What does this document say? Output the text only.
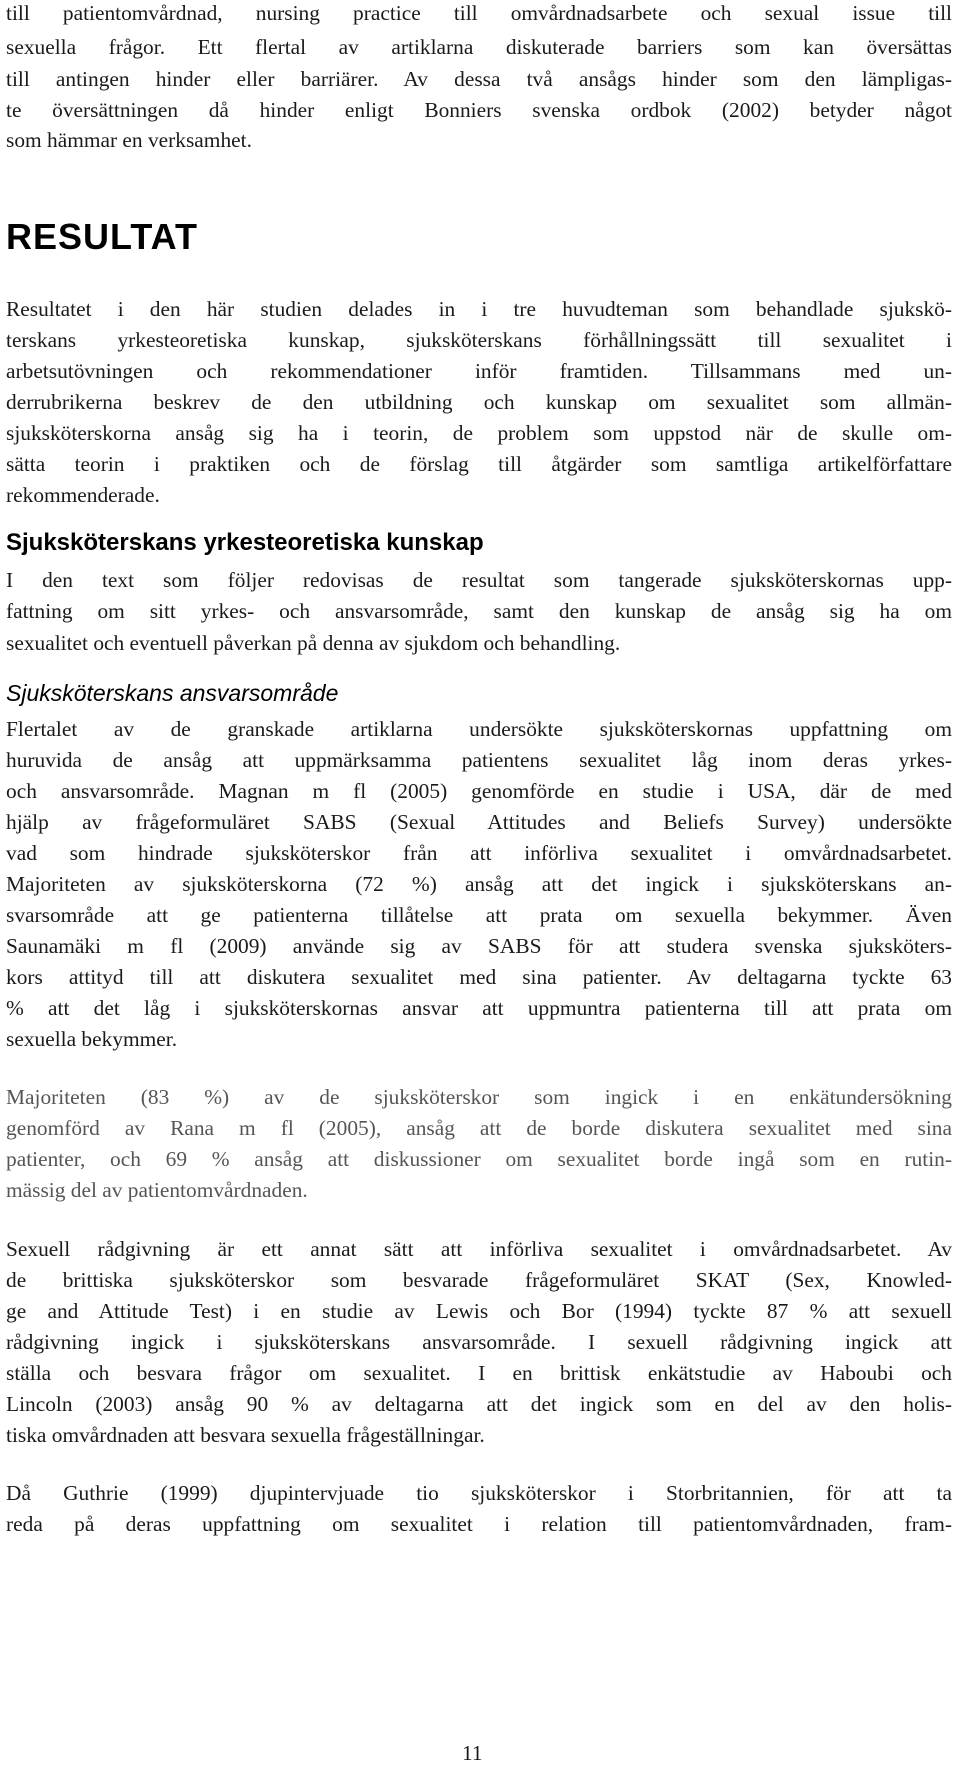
till patientomvårdnad, nursing practice till omvårdnadsarbete och sexual issue till
sexuella frågor. Ett flertal av artiklarna diskuterade barriers som kan översättas
till antingen hinder eller barriärer. Av dessa två ansågs hinder som den lämpligas-
te översättningen då hinder enligt Bonniers svenska ordbok (2002) betyder något
som hämmar en verksamhet.
RESULTAT
Resultatet i den här studien delades in i tre huvudteman som behandlade sjukskö-
terskans yrkesteoretiska kunskap, sjuksköterskans förhållningssätt till sexualitet i
arbetsutövningen och rekommendationer inför framtiden. Tillsammans med un-
derrubrikerna beskrev de den utbildning och kunskap om sexualitet som allmän-
sjuksköterskorna ansåg sig ha i teorin, de problem som uppstod när de skulle om-
sätta teorin i praktiken och de förslag till åtgärder som samtliga artikelförfattare
rekommenderade.
Sjuksköterskans yrkesteoretiska kunskap
I den text som följer redovisas de resultat som tangerade sjuksköterskornas upp-
fattning om sitt yrkes- och ansvarsområde, samt den kunskap de ansåg sig ha om
sexualitet och eventuell påverkan på denna av sjukdom och behandling.
Sjuksköterskans ansvarsområde
Flertalet av de granskade artiklarna undersökte sjuksköterskornas uppfattning om
huruvida de ansåg att uppmärksamma patientens sexualitet låg inom deras yrkes-
och ansvarsområde. Magnan m fl (2005) genomförde en studie i USA, där de med
hjälp av frågeformuläret SABS (Sexual Attitudes and Beliefs Survey) undersökte
vad som hindrade sjuksköterskor från att införliva sexualitet i omvårdnadsarbetet.
Majoriteten av sjuksköterskorna (72 %) ansåg att det ingick i sjuksköterskans an-
svarsområde att ge patienterna tillåtelse att prata om sexuella bekymmer. Även
Saunamäki m fl (2009) använde sig av SABS för att studera svenska sjuksköters-
kors attityd till att diskutera sexualitet med sina patienter. Av deltagarna tyckte 63
% att det låg i sjuksköterskornas ansvar att uppmuntra patienterna till att prata om
sexuella bekymmer.
Majoriteten (83 %) av de sjuksköterskor som ingick i en enkätundersökning
genomförd av Rana m fl (2005), ansåg att de borde diskutera sexualitet med sina
patienter, och 69 % ansåg att diskussioner om sexualitet borde ingå som en rutin-
mässig del av patientomvårdnaden.
Sexuell rådgivning är ett annat sätt att införliva sexualitet i omvårdnadsarbetet. Av
de brittiska sjuksköterskor som besvarade frågeformuläret SKAT (Sex, Knowled-
ge and Attitude Test) i en studie av Lewis och Bor (1994) tyckte 87 % att sexuell
rådgivning ingick i sjuksköterskans ansvarsområde. I sexuell rådgivning ingick att
ställa och besvara frågor om sexualitet. I en brittisk enkätstudie av Haboubi och
Lincoln (2003) ansåg 90 % av deltagarna att det ingick som en del av den holis-
tiska omvårdnaden att besvara sexuella frågeställningar.
Då Guthrie (1999) djupintervjuade tio sjuksköterskor i Storbritannien, för att ta
reda på deras uppfattning om sexualitet i relation till patientomvårdnaden, fram-
11
